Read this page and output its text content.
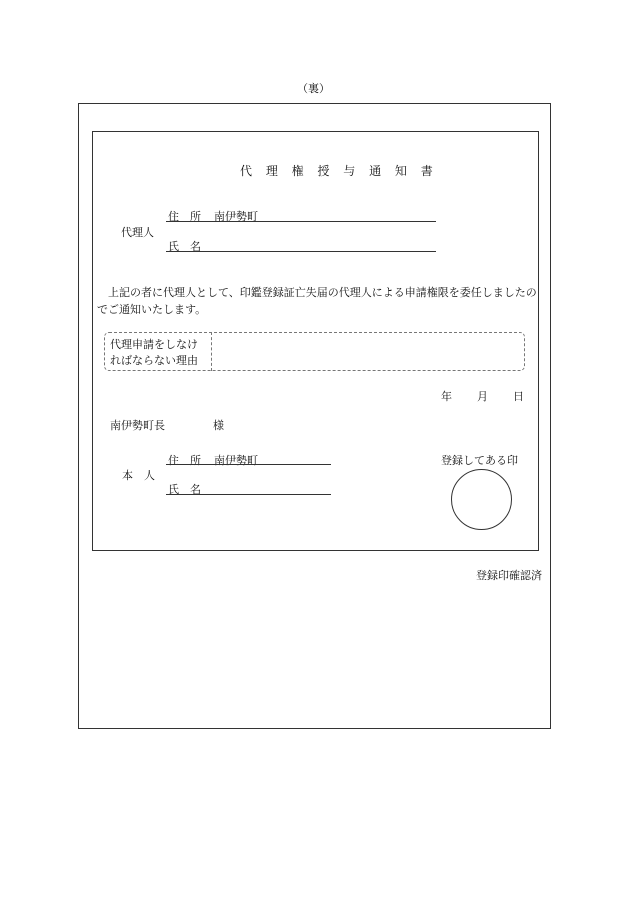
（裏）
代 理 権 授 与 通 知 書
代理人
住　所 南伊勢町
氏　名
　上記の者に代理人として、印鑑登録証亡失届の代理人による申請権限を委任しましたのでご通知いたします。
代理申請をしなけ
ればならない理由
年 月 日
南伊勢町長	様
本　人
住　所 南伊勢町
氏　名
登録してある印
登録印確認済
